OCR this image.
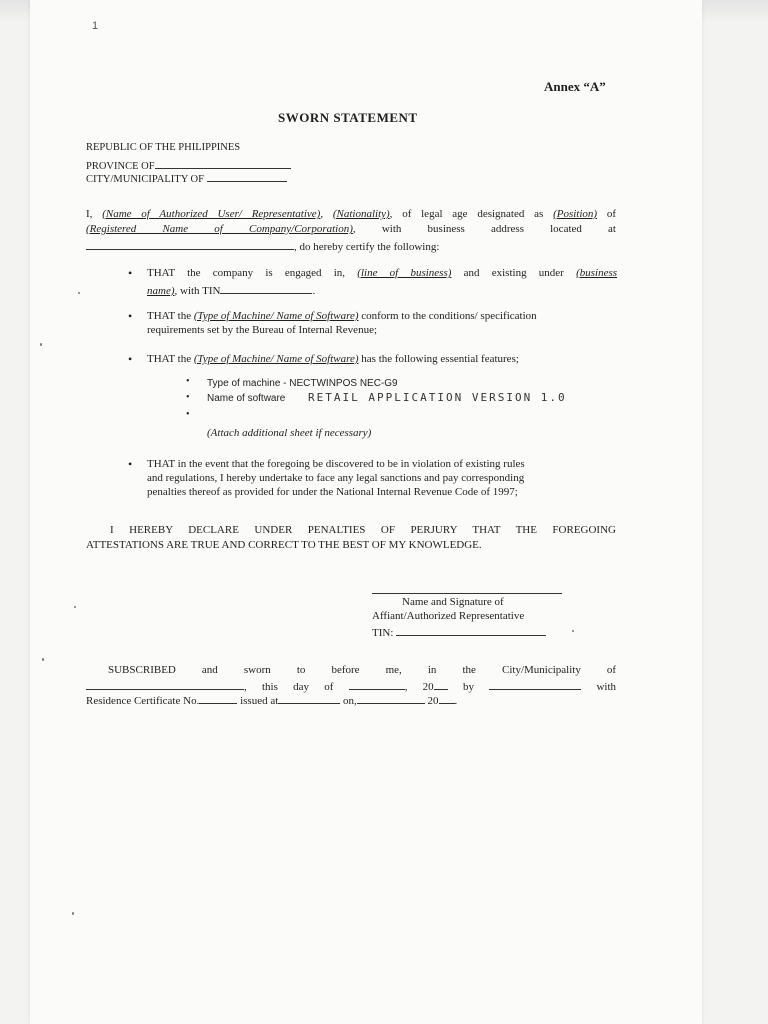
1
Annex “A”
SWORN STATEMENT
REPUBLIC OF THE PHILIPPINES
PROVINCE OF
CITY/MUNICIPALITY OF
I, (Name of Authorized User/ Representative), (Nationality), of legal age designated as (Position) of
(Registered Name of Company/Corporation), with business address located at
, do hereby certify the following:
• THAT the company is engaged in, (line of business) and existing under (business
name), with TIN	.
• THAT the (Type of Machine/ Name of Software) conform to the conditions/ specification
requirements set by the Bureau of Internal Revenue;
• THAT the (Type of Machine/ Name of Software) has the following essential features;
• Type of machine - NECTWINPOS NEC-G9
• Name of software RETAIL APPLICATION VERSION 1.0
•
(Attach additional sheet if necessary)
• THAT in the event that the foregoing be discovered to be in violation of existing rules
and regulations, I hereby undertake to face any legal sanctions and pay corresponding
penalties thereof as provided for under the National Internal Revenue Code of 1997;
I HEREBY DECLARE UNDER PENALTIES OF PERJURY THAT THE FOREGOING
ATTESTATIONS ARE TRUE AND CORRECT TO THE BEST OF MY KNOWLEDGE.
Name and Signature of
Affiant/Authorized Representative
TIN:
SUBSCRIBED and sworn to before me, in the City/Municipality of
, this day of	, 20	by	with
Residence Certificate No.	issued at	on,	20 .
